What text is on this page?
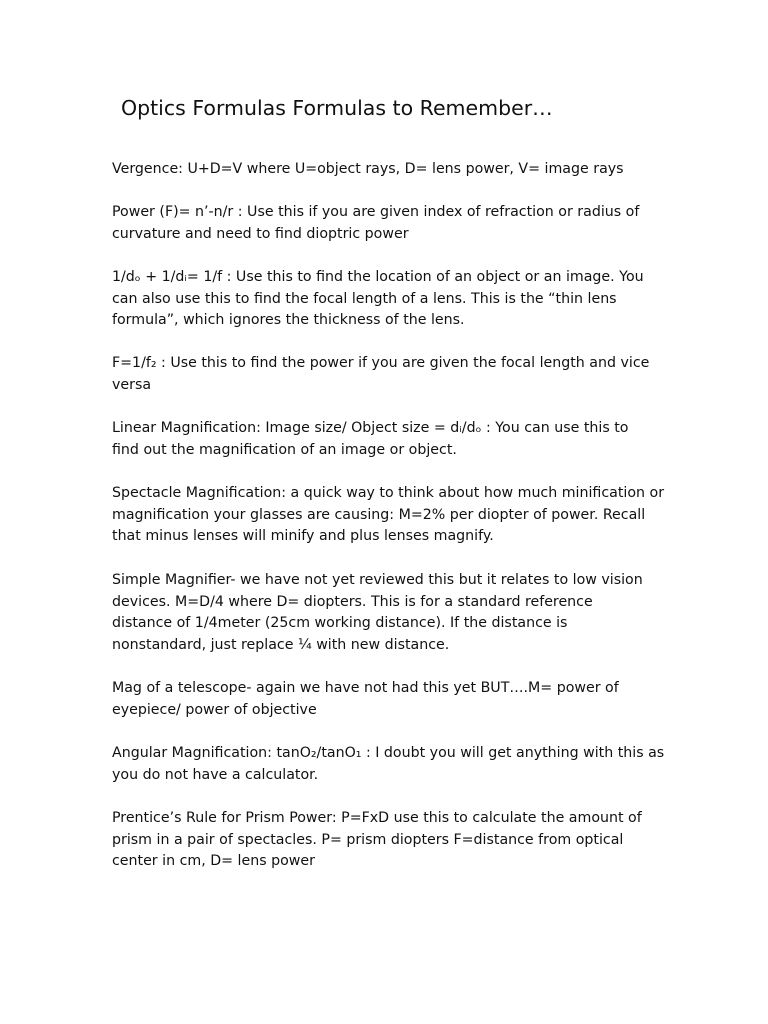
Optics Formulas Formulas to Remember…

Vergence: U+D=V where U=object rays, D= lens power, V= image rays

Power (F)= n’-n/r : Use this if you are given index of refraction or radius of
curvature and need to find dioptric power

1/dₒ + 1/dᵢ= 1/f : Use this to find the location of an object or an image. You
can also use this to find the focal length of a lens. This is the “thin lens
formula”, which ignores the thickness of the lens.

F=1/f₂ : Use this to find the power if you are given the focal length and vice
versa

Linear Magnification: Image size/ Object size = dᵢ/dₒ : You can use this to
find out the magnification of an image or object.

Spectacle Magnification: a quick way to think about how much minification or
magnification your glasses are causing: M=2% per diopter of power. Recall
that minus lenses will minify and plus lenses magnify.

Simple Magnifier- we have not yet reviewed this but it relates to low vision
devices. M=D/4 where D= diopters. This is for a standard reference
distance of 1/4meter (25cm working distance). If the distance is
nonstandard, just replace ¼ with new distance.

Mag of a telescope- again we have not had this yet BUT….M= power of
eyepiece/ power of objective

Angular Magnification: tanO₂/tanO₁ : I doubt you will get anything with this as
you do not have a calculator.

Prentice’s Rule for Prism Power: P=FxD use this to calculate the amount of
prism in a pair of spectacles. P= prism diopters F=distance from optical
center in cm, D= lens power
